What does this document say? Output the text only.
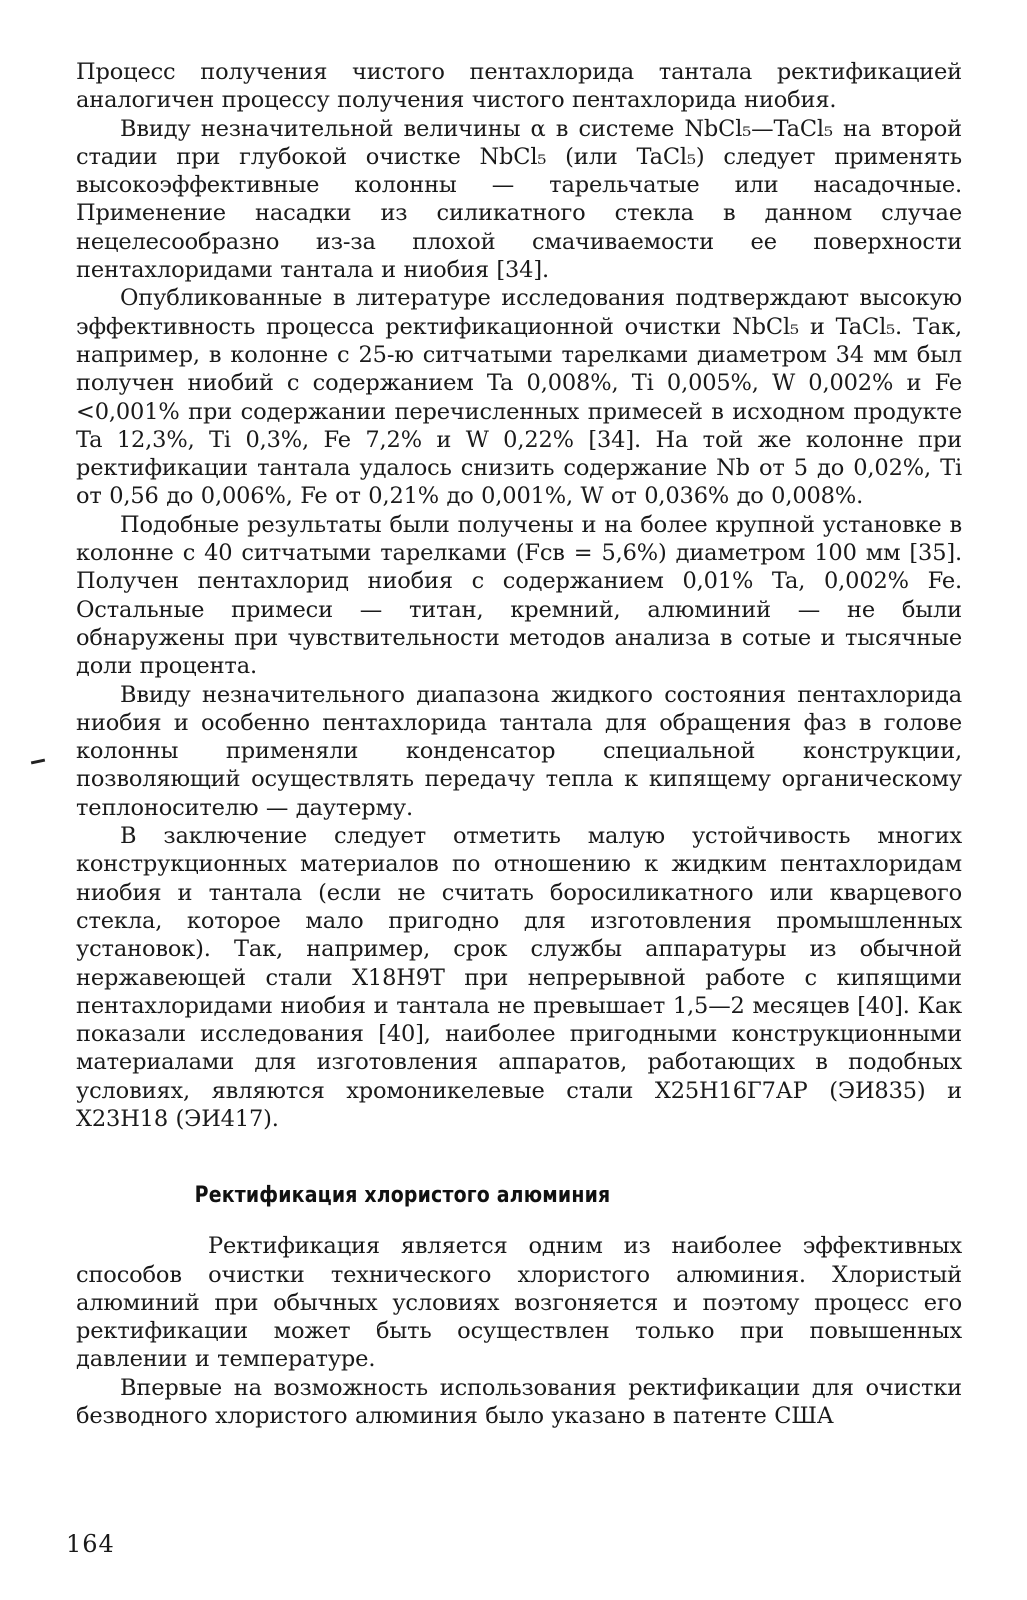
Процесс получения чистого пентахлорида тантала ректификацией аналогичен процессу получения чистого пентахлорида ниобия.

Ввиду незначительной величины α в системе NbCl₅—TaCl₅ на второй стадии при глубокой очистке NbCl₅ (или TaCl₅) следует применять высокоэффективные колонны — тарельчатые или насадочные. Применение насадки из силикатного стекла в данном случае нецелесообразно из-за плохой смачиваемости ее поверхности пентахлоридами тантала и ниобия [34].

Опубликованные в литературе исследования подтверждают высокую эффективность процесса ректификационной очистки NbCl₅ и TaCl₅. Так, например, в колонне с 25-ю ситчатыми тарелками диаметром 34 мм был получен ниобий с содержанием Ta 0,008%, Ti 0,005%, W 0,002% и Fe <0,001% при содержании перечисленных примесей в исходном продукте Ta 12,3%, Ti 0,3%, Fe 7,2% и W 0,22% [34]. На той же колонне при ректификации тантала удалось снизить содержание Nb от 5 до 0,02%, Ti от 0,56 до 0,006%, Fe от 0,21% до 0,001%, W от 0,036% до 0,008%.

Подобные результаты были получены и на более крупной установке в колонне с 40 ситчатыми тарелками (Fсв = 5,6%) диаметром 100 мм [35]. Получен пентахлорид ниобия с содержанием 0,01% Ta, 0,002% Fe. Остальные примеси — титан, кремний, алюминий — не были обнаружены при чувствительности методов анализа в сотые и тысячные доли процента.

Ввиду незначительного диапазона жидкого состояния пентахлорида ниобия и особенно пентахлорида тантала для обращения фаз в голове колонны применяли конденсатор специальной конструкции, позволяющий осуществлять передачу тепла к кипящему органическому теплоносителю — даутерму.

В заключение следует отметить малую устойчивость многих конструкционных материалов по отношению к жидким пентахлоридам ниобия и тантала (если не считать боросиликатного или кварцевого стекла, которое мало пригодно для изготовления промышленных установок). Так, например, срок службы аппаратуры из обычной нержавеющей стали Х18Н9Т при непрерывной работе с кипящими пентахлоридами ниобия и тантала не превышает 1,5—2 месяцев [40]. Как показали исследования [40], наиболее пригодными конструкционными материалами для изготовления аппаратов, работающих в подобных условиях, являются хромоникелевые стали Х25Н16Г7АР (ЭИ835) и Х23Н18 (ЭИ417).

Ректификация хлористого алюминия

Ректификация является одним из наиболее эффективных способов очистки технического хлористого алюминия. Хлористый алюминий при обычных условиях возгоняется и поэтому процесс его ректификации может быть осуществлен только при повышенных давлении и температуре.

Впервые на возможность использования ректификации для очистки безводного хлористого алюминия было указано в патенте США

164
